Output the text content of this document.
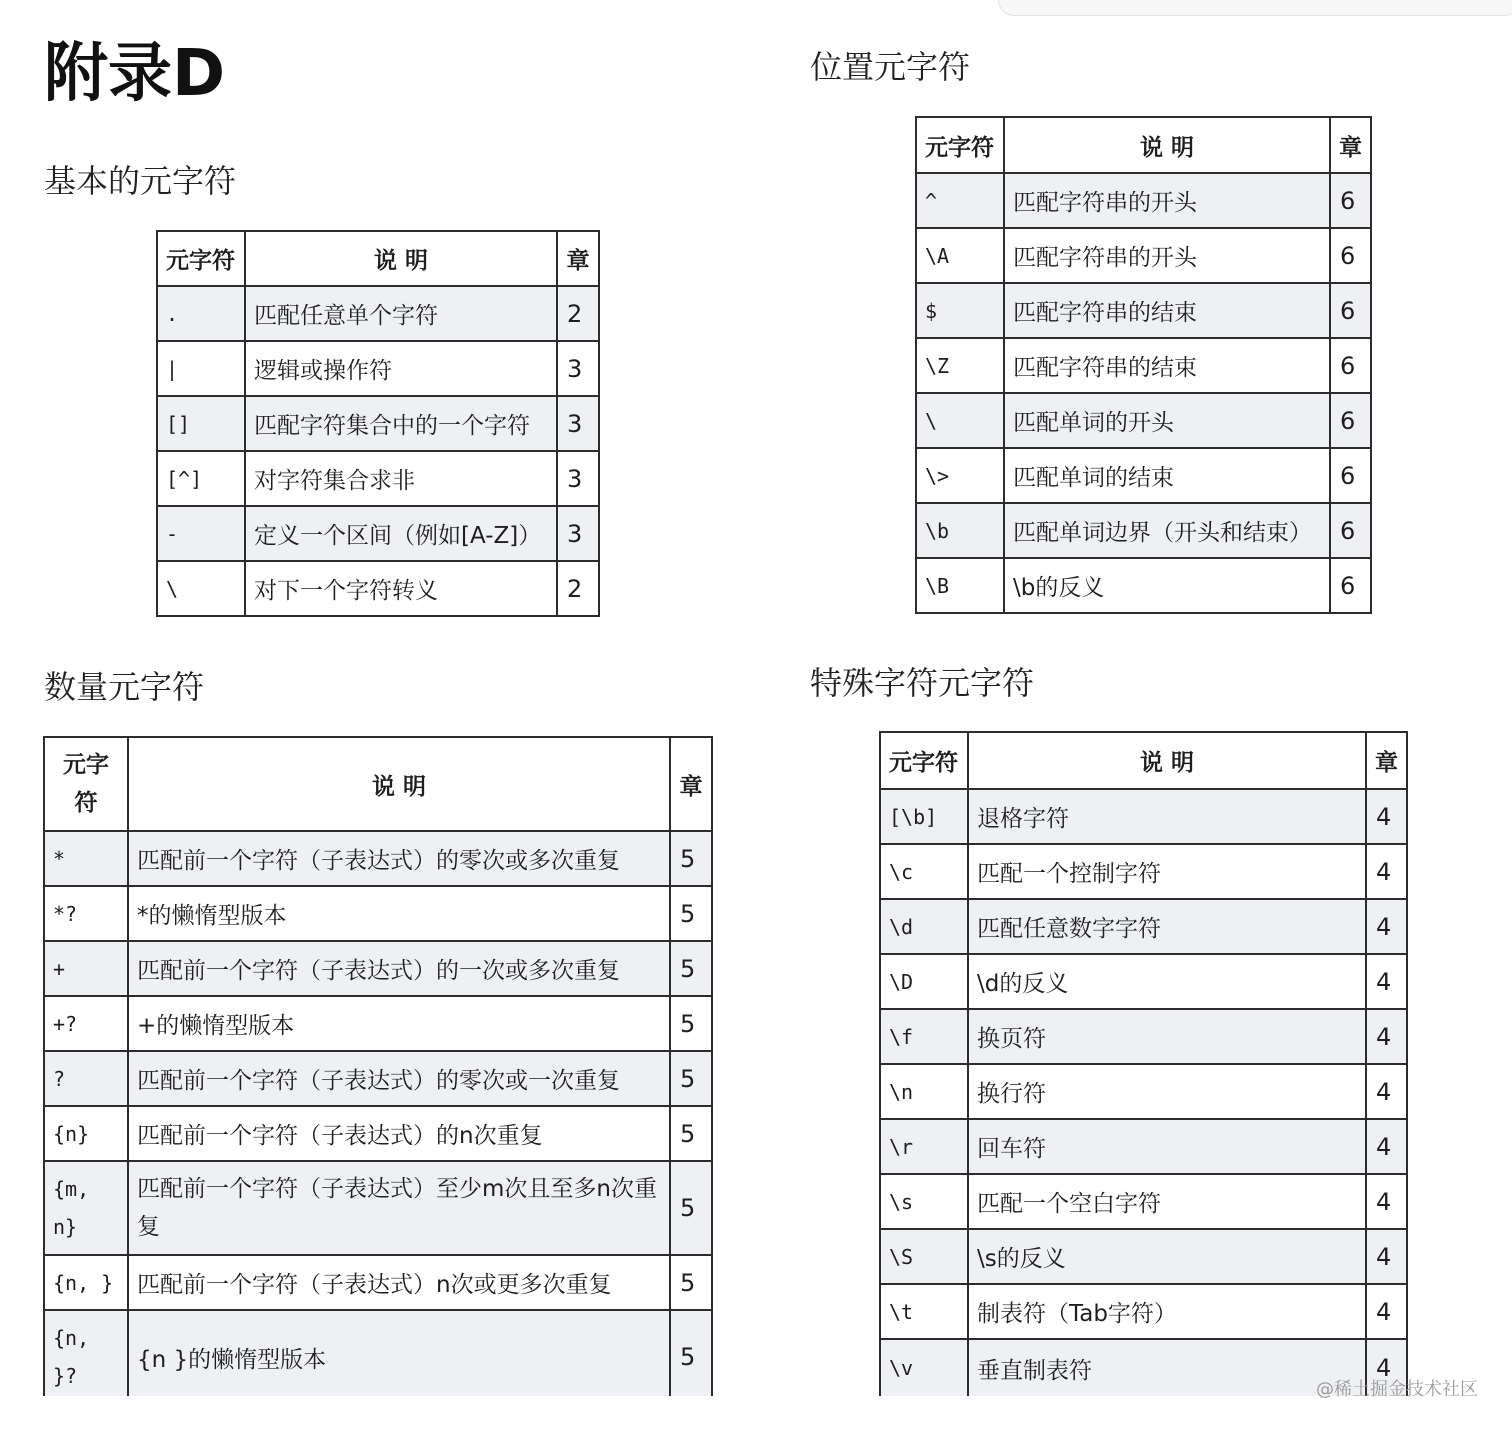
附录D
基本的元字符
元字符	说 明	章
.	匹配任意单个字符	2
|	逻辑或操作符	3
[]	匹配字符集合中的一个字符	3
[^]	对字符集合求非	3
-	定义一个区间（例如[A-Z]）	3
\	对下一个字符转义	2
位置元字符
元字符	说 明	章
^	匹配字符串的开头	6
\A	匹配字符串的开头	6
$	匹配字符串的结束	6
\Z	匹配字符串的结束	6
\	匹配单词的开头	6
\>	匹配单词的结束	6
\b	匹配单词边界（开头和结束）	6
\B	\b的反义	6
数量元字符
元字符	说 明	章
*	匹配前一个字符（子表达式）的零次或多次重复	5
*?	*的懒惰型版本	5
+	匹配前一个字符（子表达式）的一次或多次重复	5
+?	+的懒惰型版本	5
?	匹配前一个字符（子表达式）的零次或一次重复	5
{n}	匹配前一个字符（子表达式）的n次重复	5
{m, n}	匹配前一个字符（子表达式）至少m次且至多n次重复	5
{n, }	匹配前一个字符（子表达式）n次或更多次重复	5
{n, }?	{n }的懒惰型版本	5
特殊字符元字符
元字符	说 明	章
[\b]	退格字符	4
\c	匹配一个控制字符	4
\d	匹配任意数字字符	4
\D	\d的反义	4
\f	换页符	4
\n	换行符	4
\r	回车符	4
\s	匹配一个空白字符	4
\S	\s的反义	4
\t	制表符（Tab字符）	4
\v	垂直制表符	4
@稀土掘金技术社区
